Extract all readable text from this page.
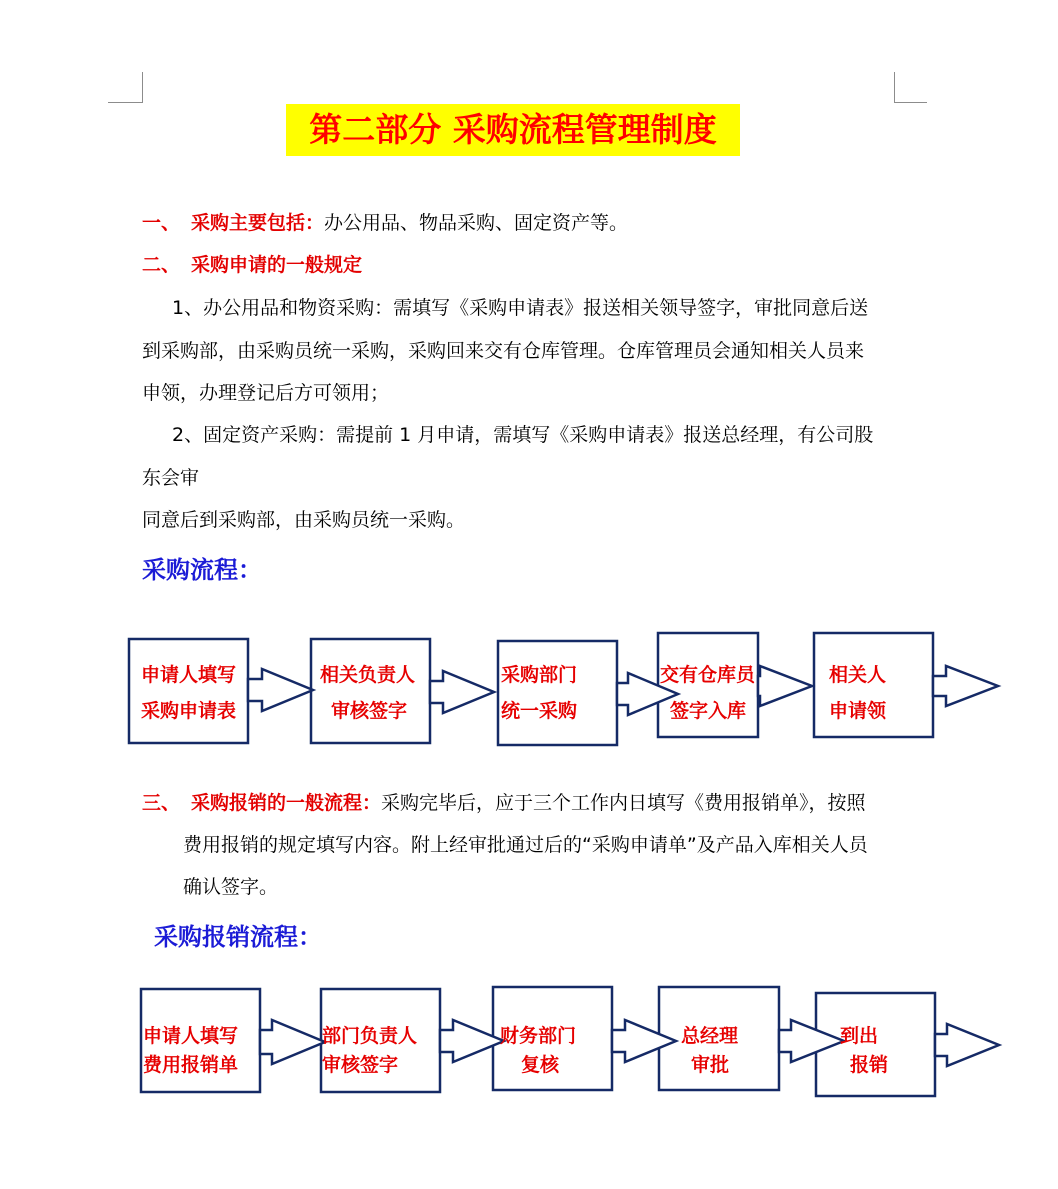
第二部分 采购流程管理制度
一、 采购主要包括：办公用品、物品采购、固定资产等。
二、 采购申请的一般规定
1、办公用品和物资采购：需填写《采购申请表》报送相关领导签字，审批同意后送
到采购部，由采购员统一采购，采购回来交有仓库管理。仓库管理员会通知相关人员来
申领，办理登记后方可领用；
2、固定资产采购：需提前 1 月申请，需填写《采购申请表》报送总经理，有公司股
东会审
同意后到采购部，由采购员统一采购。
采购流程：
申请人填写
采购申请表
相关负责人
审核签字
采购部门
统一采购
交有仓库员
签字入库
相关人
申请领
三、 采购报销的一般流程：采购完毕后，应于三个工作内日填写《费用报销单》，按照
费用报销的规定填写内容。附上经审批通过后的“采购申请单”及产品入库相关人员
确认签字。
采购报销流程：
申请人填写
费用报销单
部门负责人
审核签字
财务部门
复核
总经理
审批
到出
报销
